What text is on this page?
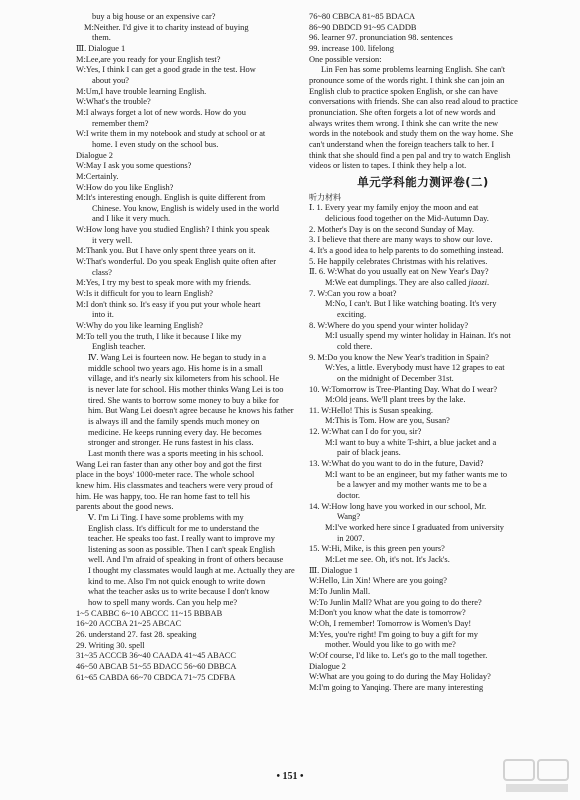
buy a big house or an expensive car?
M:Neither. I'd give it to charity instead of buying
them.
Ⅲ. Dialogue 1
M:Lee,are you ready for your English test?
W:Yes, I think I can get a good grade in the test. How
about you?
M:Um,I have trouble learning English.
W:What's the trouble?
M:I always forget a lot of new words. How do you
remember them?
W:I write them in my notebook and study at school or at
home. I even study on the school bus.
Dialogue 2
W:May I ask you some questions?
M:Certainly.
W:How do you like English?
M:It's interesting enough. English is quite different from
Chinese. You know, English is widely used in the world
and I like it very much.
W:How long have you studied English? I think you speak
it very well.
M:Thank you. But I have only spent three years on it.
W:That's wonderful. Do you speak English quite often after
class?
M:Yes, I try my best to speak more with my friends.
W:Is it difficult for you to learn English?
M:I don't think so. It's easy if you put your whole heart
into it.
W:Why do you like learning English?
M:To tell you the truth, I like it because I like my
English teacher.
Ⅳ. Wang Lei is fourteen now. He began to study in a
middle school two years ago. His home is in a small
village, and it's nearly six kilometers from his school. He
is never late for school. His mother thinks Wang Lei is too
tired. She wants to borrow some money to buy a bike for
him. But Wang Lei doesn't agree because he knows his father
is always ill and the family spends much money on
medicine. He keeps running every day. He becomes
stronger and stronger. He runs fastest in his class.
Last month there was a sports meeting in his school.
Wang Lei ran faster than any other boy and got the first
place in the boys' 1000-meter race. The whole school
knew him. His classmates and teachers were very proud of
him. He was happy, too. He ran home fast to tell his
parents about the good news.
Ⅴ. I'm Li Ting. I have some problems with my
English class. It's difficult for me to understand the
teacher. He speaks too fast. I really want to improve my
listening as soon as possible. Then I can't speak English
well. And I'm afraid of speaking in front of others because
I thought my classmates would laugh at me. Actually they are
kind to me. Also I'm not quick enough to write down
what the teacher asks us to write because I don't know
how to spell many words. Can you help me?
1~5 CABBC 6~10 ABCCC 11~15 BBBAB
16~20 ACCBA 21~25 ABCAC
26. understand 27. fast 28. speaking
29. Writing 30. spell
31~35 ACCCB 36~40 CAADA 41~45 ABACC
46~50 ABCAB 51~55 BDACC 56~60 DBBCA
61~65 CABDA 66~70 CBDCA 71~75 CDFBA
76~80 CBBCA 81~85 BDACA
86~90 DBDCD 91~95 CADDB
96. learner 97. pronunciation 98. sentences
99. increase 100. lifelong
One possible version:
Lin Fen has some problems learning English. She can't
pronounce some of the words right. I think she can join an
English club to practice spoken English, or she can have
conversations with friends. She can also read aloud to practice
pronunciation. She often forgets a lot of new words and
always writes them wrong. I think she can write the new
words in the notebook and study them on the way home. She
can't understand when the foreign teachers talk to her. I
think that she should find a pen pal and try to watch English
videos or listen to tapes. I think they help a lot.
单元学科能力测评卷(二)
听力材料
Ⅰ. 1. Every year my family enjoy the moon and eat
delicious food together on the Mid-Autumn Day.
2. Mother's Day is on the second Sunday of May.
3. I believe that there are many ways to show our love.
4. It's a good idea to help parents to do something instead.
5. He happily celebrates Christmas with his relatives.
Ⅱ. 6. W:What do you usually eat on New Year's Day?
M:We eat dumplings. They are also called jiaozi.
7. W:Can you row a boat?
M:No, I can't. But I like watching boating. It's very
exciting.
8. W:Where do you spend your winter holiday?
M:I usually spend my winter holiday in Hainan. It's not
cold there.
9. M:Do you know the New Year's tradition in Spain?
W:Yes, a little. Everybody must have 12 grapes to eat
on the midnight of December 31st.
10. W:Tomorrow is Tree-Planting Day. What do I wear?
M:Old jeans. We'll plant trees by the lake.
11. W:Hello! This is Susan speaking.
M:This is Tom. How are you, Susan?
12. W:What can I do for you, sir?
M:I want to buy a white T-shirt, a blue jacket and a
pair of black jeans.
13. W:What do you want to do in the future, David?
M:I want to be an engineer, but my father wants me to
be a lawyer and my mother wants me to be a
doctor.
14. W:How long have you worked in our school, Mr.
Wang?
M:I've worked here since I graduated from university
in 2007.
15. W:Hi, Mike, is this green pen yours?
M:Let me see. Oh, it's not. It's Jack's.
Ⅲ. Dialogue 1
W:Hello, Lin Xin! Where are you going?
M:To Junlin Mall.
W:To Junlin Mall? What are you going to do there?
M:Don't you know what the date is tomorrow?
W:Oh, I remember! Tomorrow is Women's Day!
M:Yes, you're right! I'm going to buy a gift for my
mother. Would you like to go with me?
W:Of course, I'd like to. Let's go to the mall together.
Dialogue 2
W:What are you going to do during the May Holiday?
M:I'm going to Yanqing. There are many interesting
• 151 •
